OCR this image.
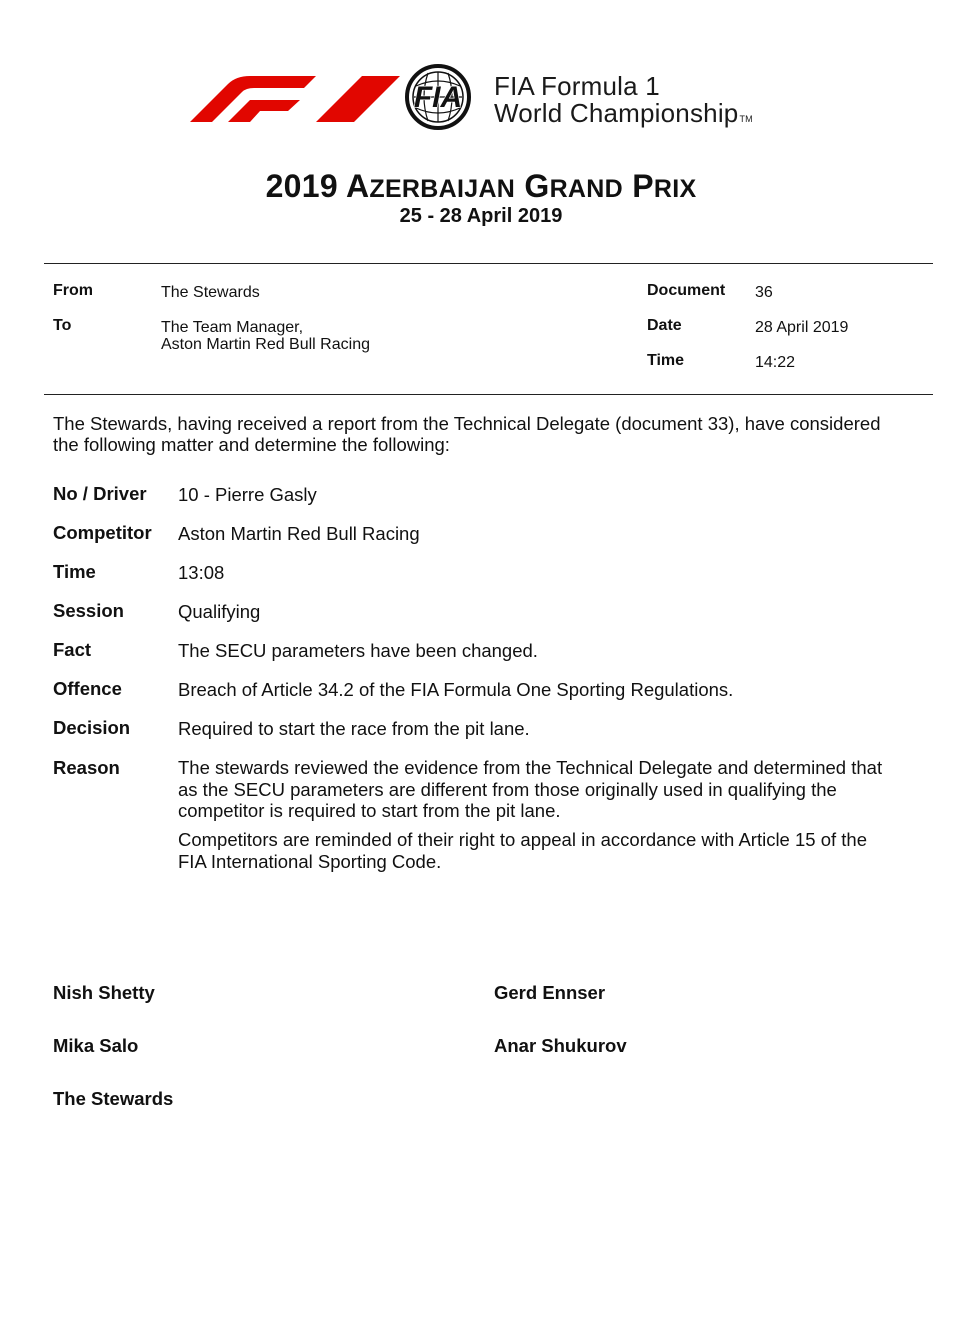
FIA FIA Formula 1
World ChampionshipTM
2019 AZERBAIJAN GRAND PRIX
25 - 28 April 2019
From	The Stewards
To	The Team Manager,
Aston Martin Red Bull Racing
Document 36
Date	28 April 2019
Time	14:22
The Stewards, having received a report from the Technical Delegate (document 33), have considered
the following matter and determine the following:
No / Driver 10 - Pierre Gasly
Competitor Aston Martin Red Bull Racing
Time	13:08
Session	Qualifying
Fact	The SECU parameters have been changed.
Offence	Breach of Article 34.2 of the FIA Formula One Sporting Regulations.
Decision	Required to start the race from the pit lane.
Reason	The stewards reviewed the evidence from the Technical Delegate and determined that
as the SECU parameters are different from those originally used in qualifying the
competitor is required to start from the pit lane.
Competitors are reminded of their right to appeal in accordance with Article 15 of the
FIA International Sporting Code.
Nish Shetty	Gerd Ennser
Mika Salo	Anar Shukurov
The Stewards
